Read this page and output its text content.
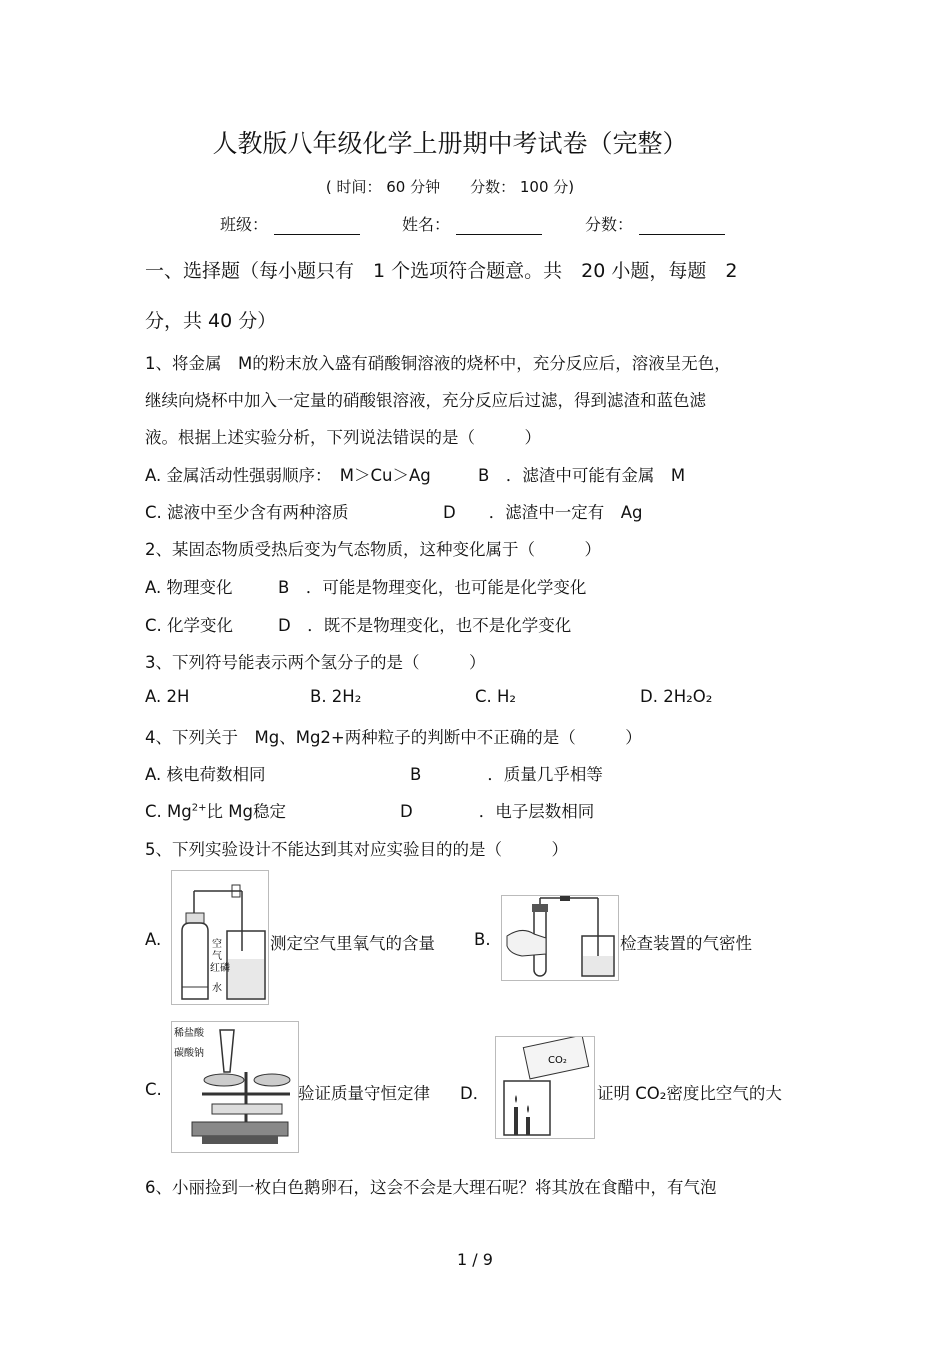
人教版八年级化学上册期中考试卷（完整）
( 时间： 60 分钟　　分数： 100 分)
班级：	姓名：	分数：
一、选择题（每小题只有　1 个选项符合题意。共　20 小题，每题　2
分，共 40 分）
1、将金属　M的粉末放入盛有硝酸铜溶液的烧杯中，充分反应后，溶液呈无色，
继续向烧杯中加入一定量的硝酸银溶液，充分反应后过滤，得到滤渣和蓝色滤
液。根据上述实验分析，下列说法错误的是（　　　）
A. 金属活动性强弱顺序：　M＞Cu＞Ag	B　．滤渣中可能有金属　M
C. 滤液中至少含有两种溶质	D　　．滤渣中一定有　Ag
2、某固态物质受热后变为气态物质，这种变化属于（　　　）
A. 物理变化	B　．可能是物理变化，也可能是化学变化
C. 化学变化	D　．既不是物理变化，也不是化学变化
3、下列符号能表示两个氢分子的是（　　　）
A. 2H	B. 2H₂	C. H₂	D. 2H₂O₂
4、下列关于　Mg、Mg2+两种粒子的判断中不正确的是（　　　）
A. 核电荷数相同	B　　　　．质量几乎相等
C. $Mg^{2+}$比 Mg稳定	D　　　　．电子层数相同
5、下列实验设计不能达到其对应实验目的的是（　　　）
A.	空
气
红磷
水
测定空气里氧气的含量 B.	检查装置的气密性
C.
稀盐酸
碳酸钠
验证质量守恒定律 D．
CO₂
证明 CO₂密度比空气的大
6、小丽捡到一枚白色鹅卵石，这会不会是大理石呢？将其放在食醋中，有气泡
1 / 9
